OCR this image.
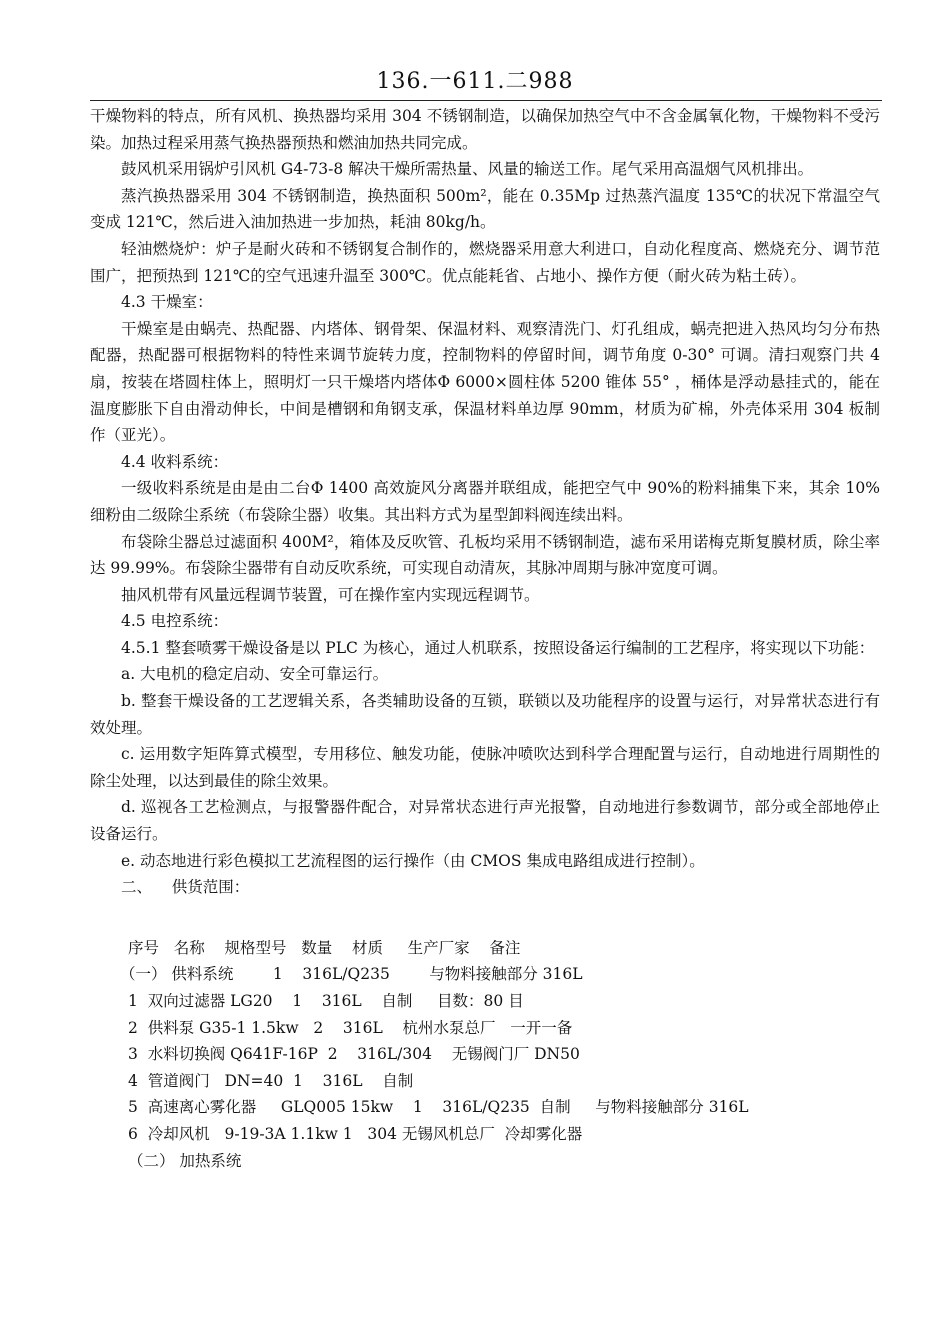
136.一611.二988

干燥物料的特点，所有风机、换热器均采用 304 不锈钢制造，以确保加热空气中不含金属氧化物，干燥物料不受污染。加热过程采用蒸气换热器预热和燃油加热共同完成。

鼓风机采用锅炉引风机 G4-73-8 解决干燥所需热量、风量的输送工作。尾气采用高温烟气风机排出。

蒸汽换热器采用 304 不锈钢制造，换热面积 500m²，能在 0.35Mp 过热蒸汽温度 135℃的状况下常温空气变成 121℃，然后进入油加热进一步加热，耗油 80kg/h。

轻油燃烧炉：炉子是耐火砖和不锈钢复合制作的，燃烧器采用意大利进口，自动化程度高、燃烧充分、调节范围广，把预热到 121℃的空气迅速升温至 300℃。优点能耗省、占地小、操作方便（耐火砖为粘土砖）。

4.3 干燥室：

干燥室是由蜗壳、热配器、内塔体、钢骨架、保温材料、观察清洗门、灯孔组成，蜗壳把进入热风均匀分布热配器，热配器可根据物料的特性来调节旋转力度，控制物料的停留时间，调节角度 0-30° 可调。清扫观察门共 4 扇，按装在塔圆柱体上，照明灯一只干燥塔内塔体Φ 6000×圆柱体 5200 锥体 55° ，桶体是浮动悬挂式的，能在温度膨胀下自由滑动伸长，中间是槽钢和角钢支承，保温材料单边厚 90mm，材质为矿棉，外壳体采用 304 板制作（亚光）。

4.4 收料系统：

一级收料系统是由是由二台Φ 1400 高效旋风分离器并联组成，能把空气中 90%的粉料捕集下来，其余 10%细粉由二级除尘系统（布袋除尘器）收集。其出料方式为星型卸料阀连续出料。

布袋除尘器总过滤面积 400M²，箱体及反吹管、孔板均采用不锈钢制造，滤布采用诺梅克斯复膜材质，除尘率达 99.99%。布袋除尘器带有自动反吹系统，可实现自动清灰，其脉冲周期与脉冲宽度可调。

抽风机带有风量远程调节装置，可在操作室内实现远程调节。

4.5 电控系统：

4.5.1 整套喷雾干燥设备是以 PLC 为核心，通过人机联系，按照设备运行编制的工艺程序，将实现以下功能：

a. 大电机的稳定启动、安全可靠运行。

b. 整套干燥设备的工艺逻辑关系，各类辅助设备的互锁，联锁以及功能程序的设置与运行，对异常状态进行有效处理。

c. 运用数字矩阵算式模型，专用移位、触发功能，使脉冲喷吹达到科学合理配置与运行，自动地进行周期性的除尘处理，以达到最佳的除尘效果。

d. 巡视各工艺检测点，与报警器件配合，对异常状态进行声光报警，自动地进行参数调节，部分或全部地停止设备运行。

e. 动态地进行彩色模拟工艺流程图的运行操作（由 CMOS 集成电路组成进行控制）。

二、    供货范围：

序号   名称    规格型号   数量    材质     生产厂家    备注

（一） 供料系统        1    316L/Q235        与物料接触部分 316L

1  双向过滤器 LG20    1    316L    自制     目数：80 目

2  供料泵 G35-1 1.5kw   2    316L    杭州水泵总厂   一开一备

3  水料切换阀 Q641F-16P  2    316L/304    无锡阀门厂 DN50

4  管道阀门   DN=40  1    316L    自制

5  高速离心雾化器     GLQ005 15kw    1    316L/Q235  自制     与物料接触部分 316L

6  冷却风机   9-19-3A 1.1kw 1   304 无锡风机总厂  冷却雾化器

（二） 加热系统
